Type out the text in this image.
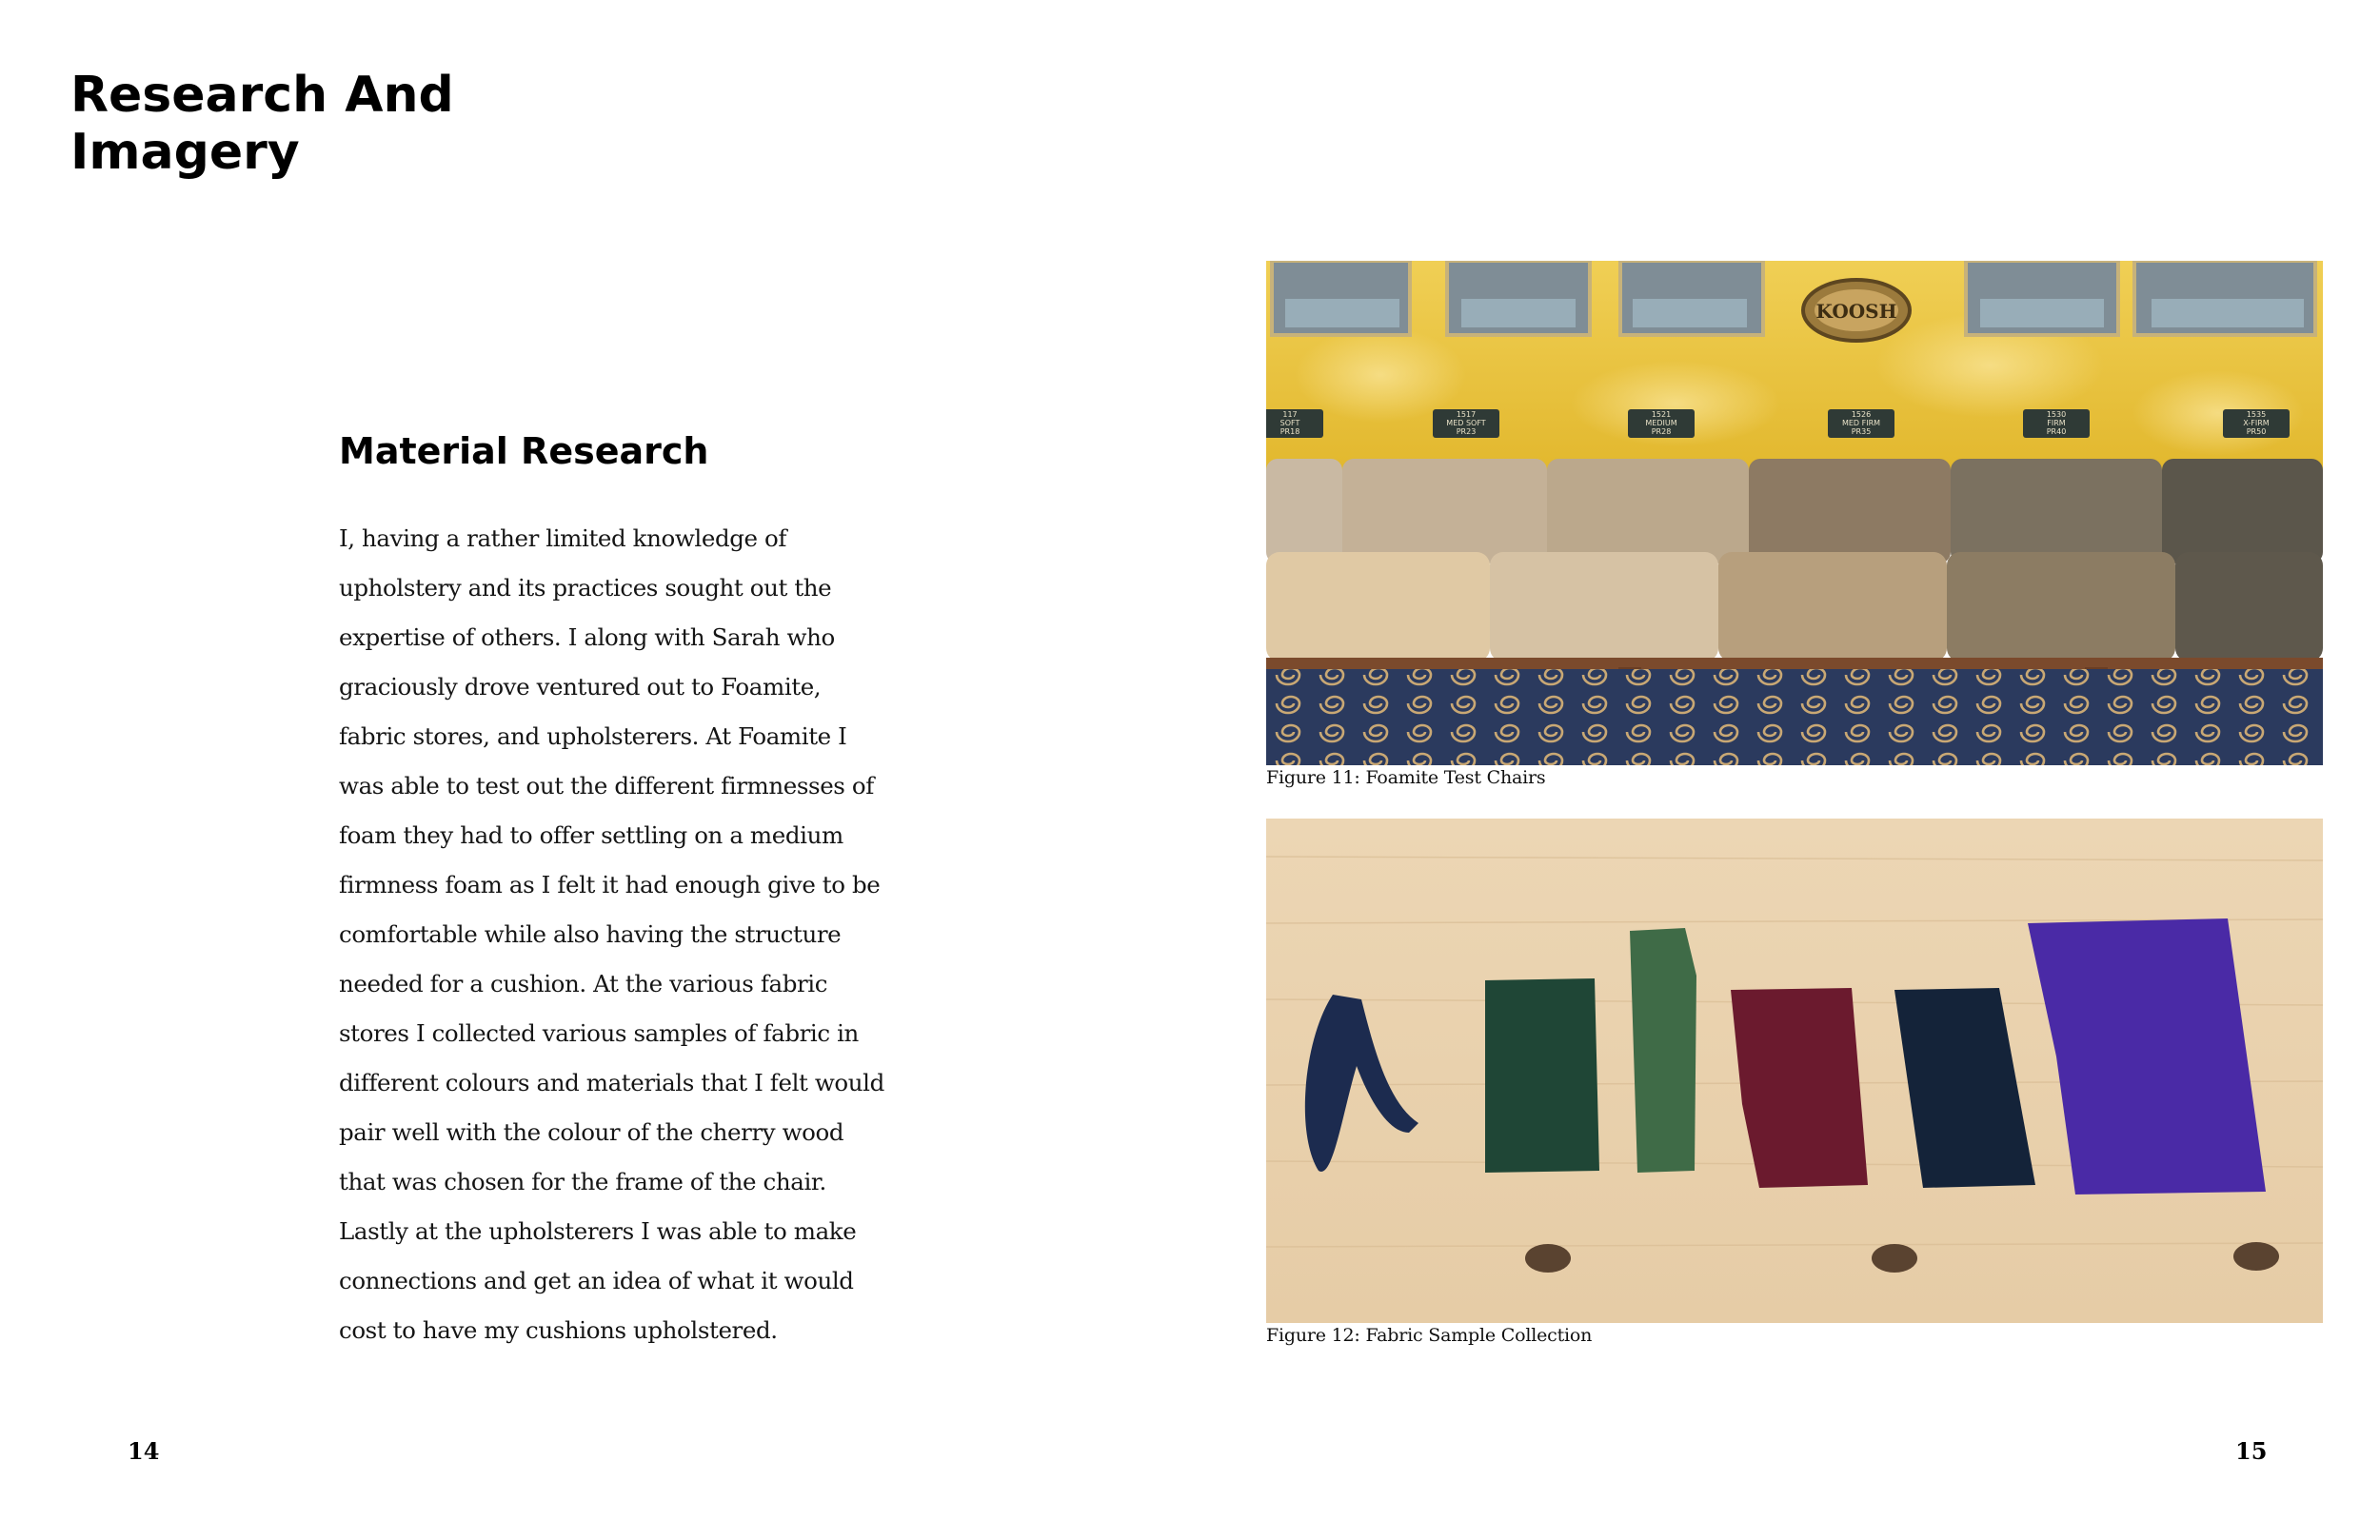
Research And Imagery
Material Research

I, having a rather limited knowledge of upholstery and its practices sought out the expertise of others. I along with Sarah who graciously drove ventured out to Foamite, fabric stores, and upholsterers. At Foamite I was able to test out the different firmnesses of foam they had to offer settling on a medium firmness foam as I felt it had enough give to be comfortable while also having the structure needed for a cushion. At the various fabric stores I collected various samples of fabric in different colours and materials that I felt would pair well with the colour of the cherry wood that was chosen for the frame of the chair. Lastly at the upholsterers I was able to make connections and get an idea of what it would cost to have my cushions upholstered.

14
KOOSH
117
SOFT
PR18
1517
MED SOFT
PR23
1521
MEDIUM
PR28
1526
MED FIRM
PR35
1530
FIRM
PR40
1535
X-FIRM
PR50
Figure 11: Foamite Test Chairs
Figure 12: Fabric Sample Collection
15
